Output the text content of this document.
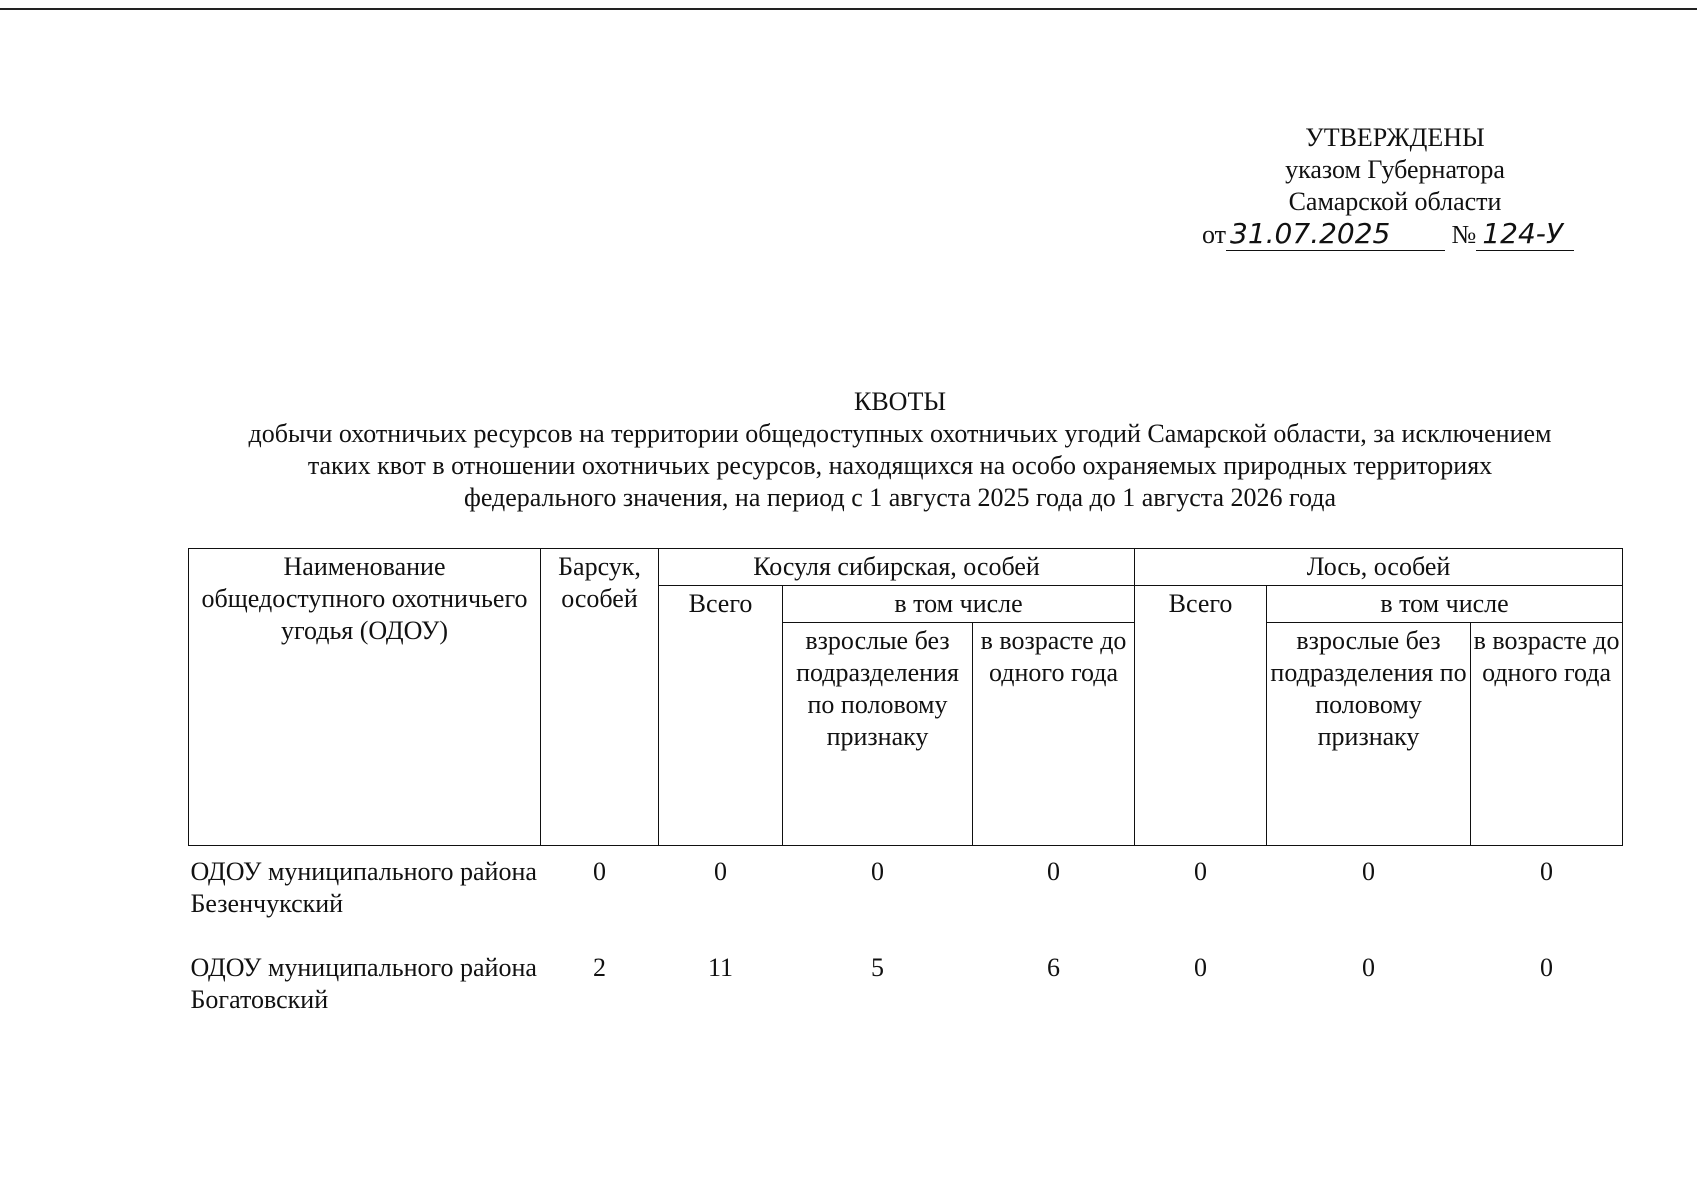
УТВЕРЖДЕНЫ
указом Губернатора
Самарской области
от 31.07.2025 № 124-У
КВОТЫ
добычи охотничьих ресурсов на территории общедоступных охотничьих угодий Самарской области, за исключением
таких квот в отношении охотничьих ресурсов, находящихся на особо охраняемых природных территориях
федерального значения, на период с 1 августа 2025 года до 1 августа 2026 года
Наименование общедоступного охотничьего угодья (ОДОУ)	Барсук, особей	Косуля сибирская, особей			Лось, особей		
		Всего	в том числе		Всего	в том числе	
			взрослые без подразделения по половому признаку	в возрасте до одного года		взрослые без подразделения по половому признаку	в возрасте до одного года
ОДОУ муниципального района Безенчукский	0	0	0	0	0	0	0
ОДОУ муниципального района Богатовский	2	11	5	6	0	0	0
